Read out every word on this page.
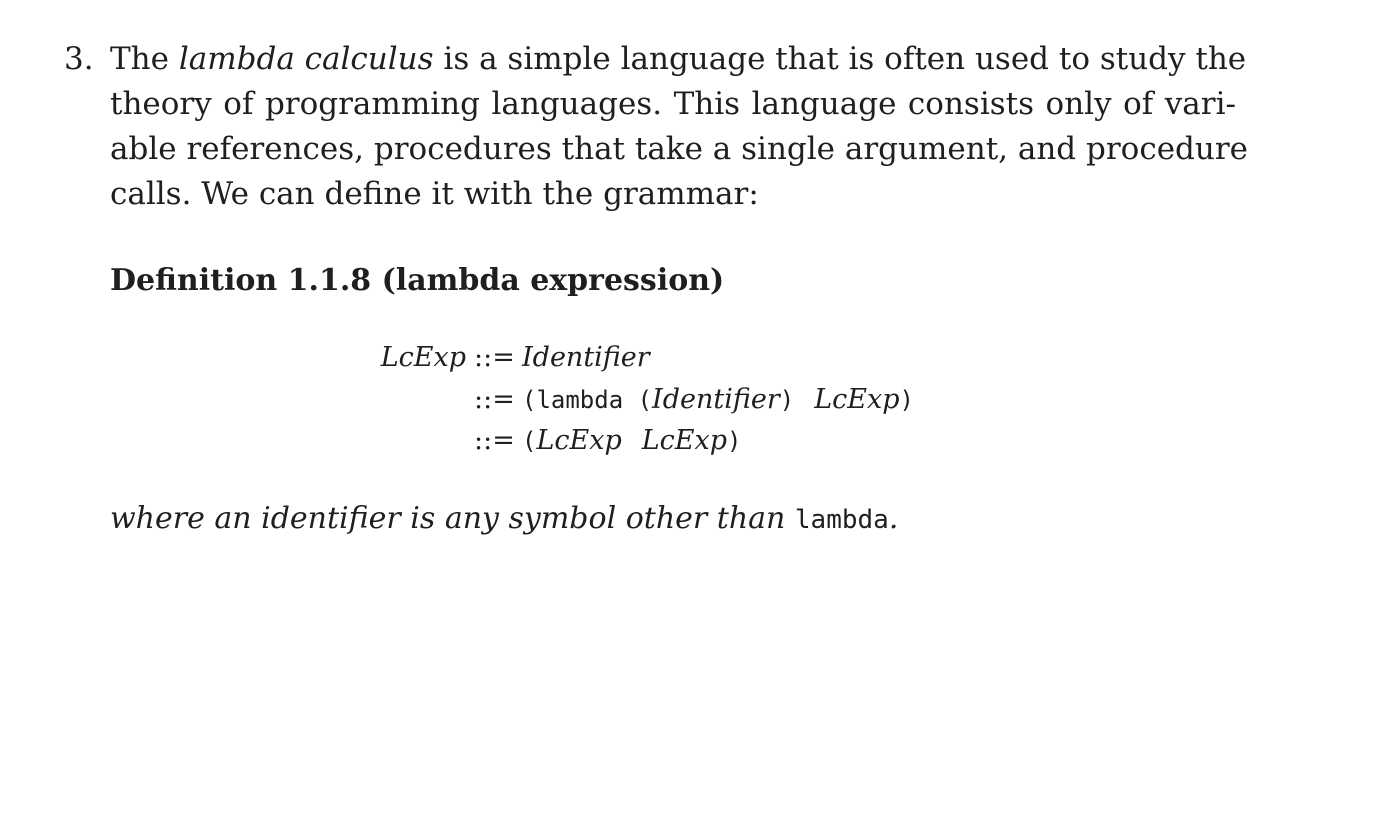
3. The lambda calculus is a simple language that is often used to study the
theory of programming languages. This language consists only of vari-
able references, procedures that take a single argument, and procedure
calls. We can define it with the grammar:
Definition 1.1.8 (lambda expression)
LcExp ::= Identifier
::= (lambda (Identifier) LcExp)
::= (LcExp LcExp)
where an identifier is any symbol other than lambda.
